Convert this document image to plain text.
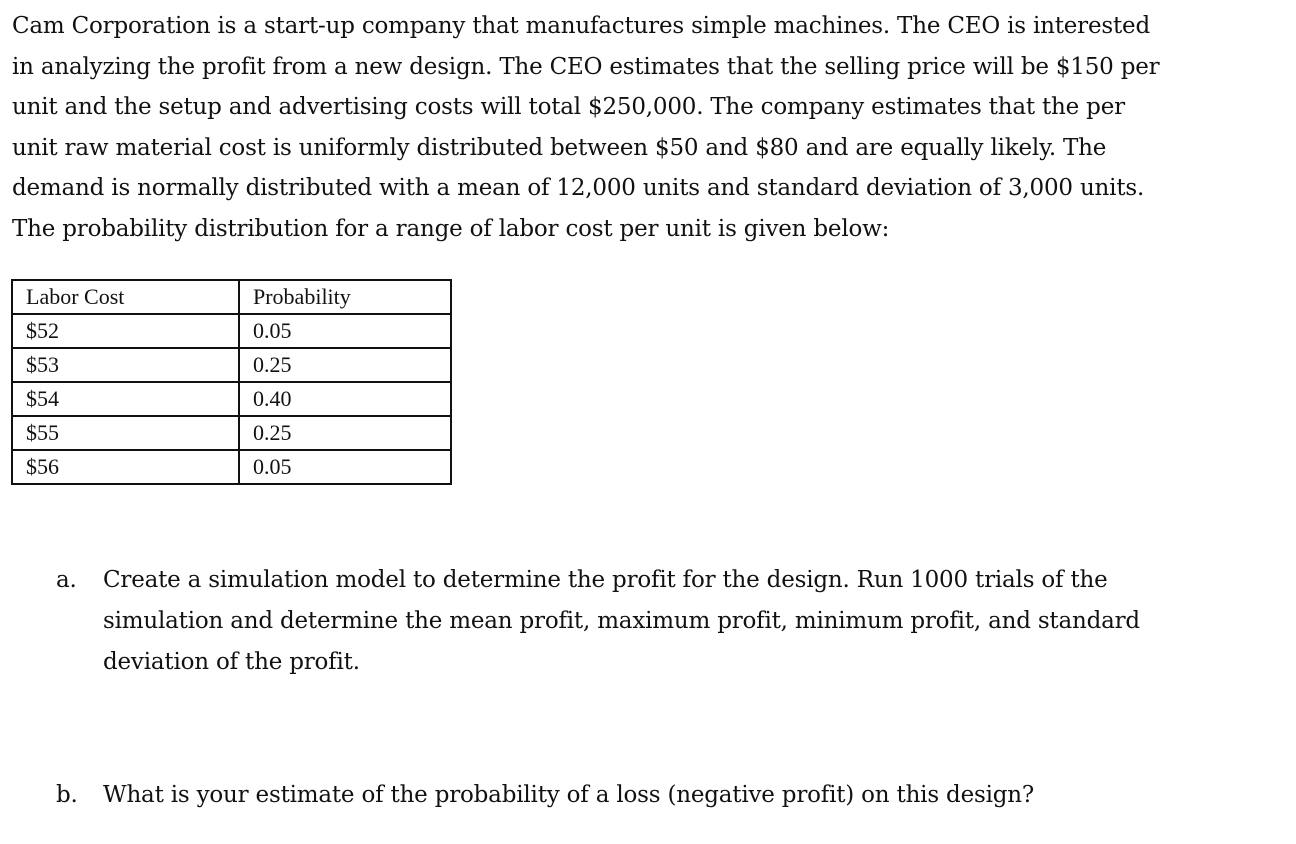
Cam Corporation is a start-up company that manufactures simple machines. The CEO is interested
in analyzing the profit from a new design. The CEO estimates that the selling price will be $150 per
unit and the setup and advertising costs will total $250,000. The company estimates that the per
unit raw material cost is uniformly distributed between $50 and $80 and are equally likely. The
demand is normally distributed with a mean of 12,000 units and standard deviation of 3,000 units.
The probability distribution for a range of labor cost per unit is given below:

Labor Cost	Probability
$52	0.05
$53	0.25
$54	0.40
$55	0.25
$56	0.05
a.	Create a simulation model to determine the profit for the design. Run 1000 trials of the
simulation and determine the mean profit, maximum profit, minimum profit, and standard
deviation of the profit.
b.	What is your estimate of the probability of a loss (negative profit) on this design?
